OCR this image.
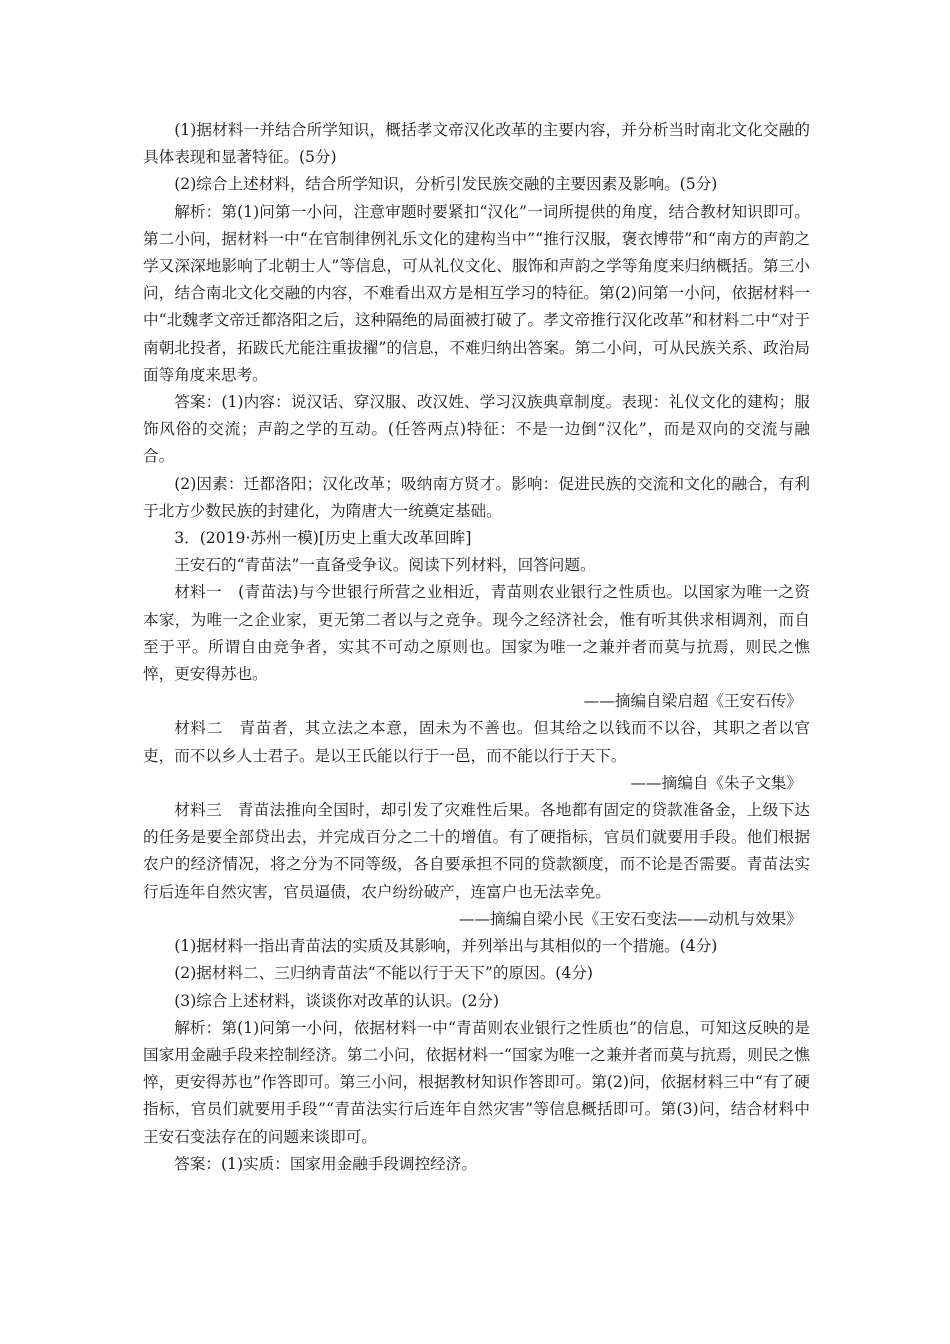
(1)据材料一并结合所学知识，概括孝文帝汉化改革的主要内容，并分析当时南北文化交融的具体表现和显著特征。(5分)

(2)综合上述材料，结合所学知识，分析引发民族交融的主要因素及影响。(5分)

解析：第(1)问第一小问，注意审题时要紧扣“汉化”一词所提供的角度，结合教材知识即可。第二小问，据材料一中“在官制律例礼乐文化的建构当中”“推行汉服，褒衣博带”和“南方的声韵之学又深深地影响了北朝士人”等信息，可从礼仪文化、服饰和声韵之学等角度来归纳概括。第三小问，结合南北文化交融的内容，不难看出双方是相互学习的特征。第(2)问第一小问，依据材料一中“北魏孝文帝迁都洛阳之后，这种隔绝的局面被打破了。孝文帝推行汉化改革”和材料二中“对于南朝北投者，拓跋氏尤能注重拔擢”的信息，不难归纳出答案。第二小问，可从民族关系、政治局面等角度来思考。

答案：(1)内容：说汉话、穿汉服、改汉姓、学习汉族典章制度。表现：礼仪文化的建构；服饰风俗的交流；声韵之学的互动。(任答两点)特征：不是一边倒“汉化”，而是双向的交流与融合。

(2)因素：迁都洛阳；汉化改革；吸纳南方贤才。影响：促进民族的交流和文化的融合，有利于北方少数民族的封建化，为隋唐大一统奠定基础。

3．(2019·苏州一模)[历史上重大改革回眸]

王安石的“青苗法”一直备受争议。阅读下列材料，回答问题。

材料一　(青苗法)与今世银行所营之业相近，青苗则农业银行之性质也。以国家为唯一之资本家，为唯一之企业家，更无第二者以与之竞争。现今之经济社会，惟有听其供求相调剂，而自至于平。所谓自由竞争者，实其不可动之原则也。国家为唯一之兼并者而莫与抗焉，则民之憔悴，更安得苏也。

——摘编自梁启超《王安石传》

材料二　青苗者，其立法之本意，固未为不善也。但其给之以钱而不以谷，其职之者以官吏，而不以乡人士君子。是以王氏能以行于一邑，而不能以行于天下。

——摘编自《朱子文集》

材料三　青苗法推向全国时，却引发了灾难性后果。各地都有固定的贷款准备金，上级下达的任务是要全部贷出去，并完成百分之二十的增值。有了硬指标，官员们就要用手段。他们根据农户的经济情况，将之分为不同等级，各自要承担不同的贷款额度，而不论是否需要。青苗法实行后连年自然灾害，官员逼债，农户纷纷破产，连富户也无法幸免。

——摘编自梁小民《王安石变法——动机与效果》

(1)据材料一指出青苗法的实质及其影响，并列举出与其相似的一个措施。(4分)

(2)据材料二、三归纳青苗法“不能以行于天下”的原因。(4分)

(3)综合上述材料，谈谈你对改革的认识。(2分)

解析：第(1)问第一小问，依据材料一中“青苗则农业银行之性质也”的信息，可知这反映的是国家用金融手段来控制经济。第二小问，依据材料一“国家为唯一之兼并者而莫与抗焉，则民之憔悴，更安得苏也”作答即可。第三小问，根据教材知识作答即可。第(2)问，依据材料三中“有了硬指标，官员们就要用手段”“青苗法实行后连年自然灾害”等信息概括即可。第(3)问，结合材料中王安石变法存在的问题来谈即可。

答案：(1)实质：国家用金融手段调控经济。
